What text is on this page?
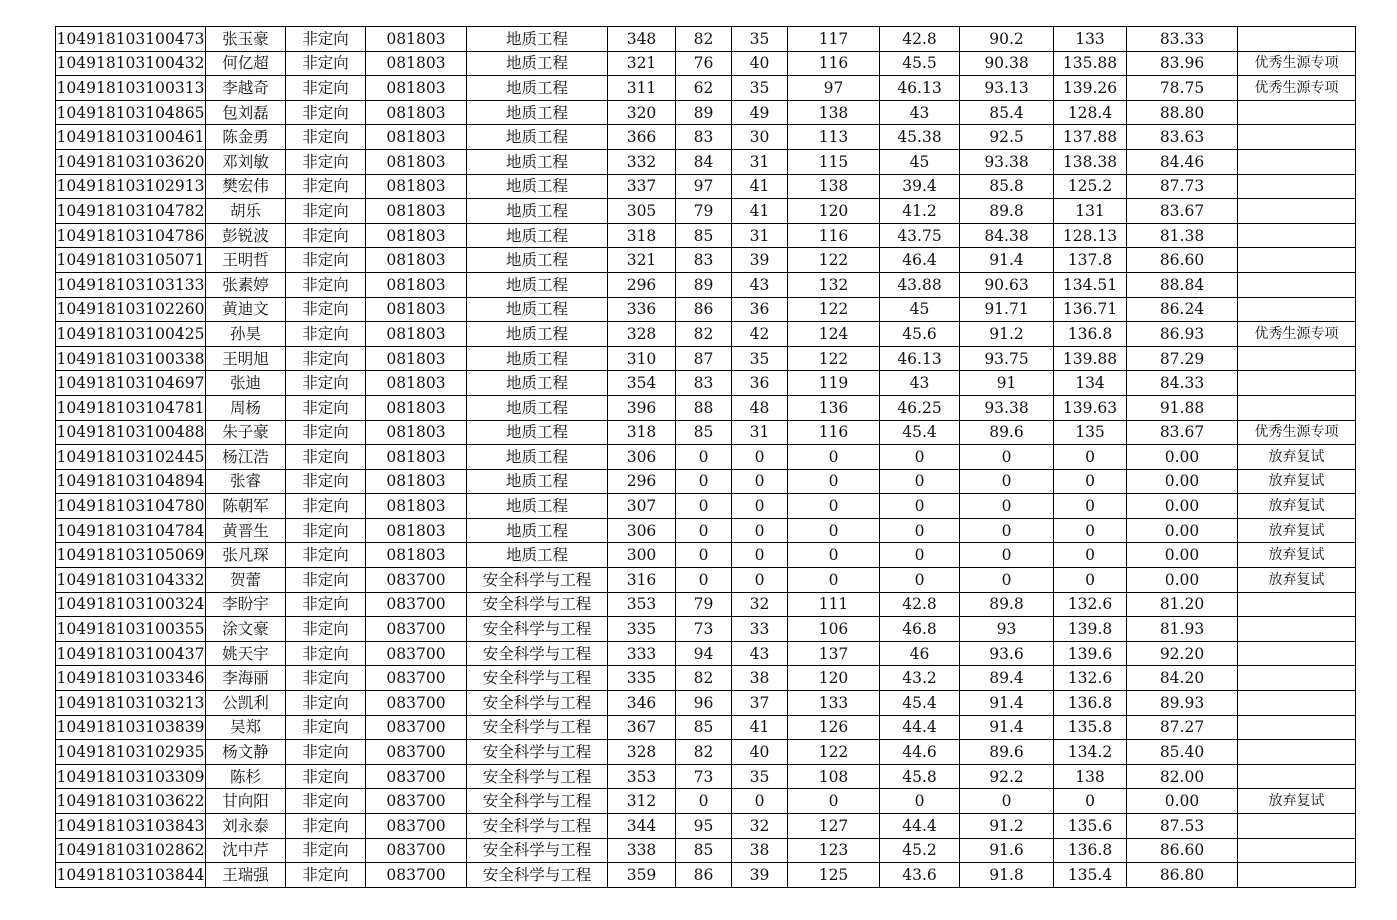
104918103100473	张玉豪	非定向	081803	地质工程	348	82	35	117	42.8	90.2	133	83.33	
104918103100432	何亿超	非定向	081803	地质工程	321	76	40	116	45.5	90.38	135.88	83.96	优秀生源专项
104918103100313	李越奇	非定向	081803	地质工程	311	62	35	97	46.13	93.13	139.26	78.75	优秀生源专项
104918103104865	包刘磊	非定向	081803	地质工程	320	89	49	138	43	85.4	128.4	88.80	
104918103100461	陈金勇	非定向	081803	地质工程	366	83	30	113	45.38	92.5	137.88	83.63	
104918103103620	邓刘敏	非定向	081803	地质工程	332	84	31	115	45	93.38	138.38	84.46	
104918103102913	樊宏伟	非定向	081803	地质工程	337	97	41	138	39.4	85.8	125.2	87.73	
104918103104782	胡乐	非定向	081803	地质工程	305	79	41	120	41.2	89.8	131	83.67	
104918103104786	彭锐波	非定向	081803	地质工程	318	85	31	116	43.75	84.38	128.13	81.38	
104918103105071	王明哲	非定向	081803	地质工程	321	83	39	122	46.4	91.4	137.8	86.60	
104918103103133	张素婷	非定向	081803	地质工程	296	89	43	132	43.88	90.63	134.51	88.84	
104918103102260	黄迪文	非定向	081803	地质工程	336	86	36	122	45	91.71	136.71	86.24	
104918103100425	孙昊	非定向	081803	地质工程	328	82	42	124	45.6	91.2	136.8	86.93	优秀生源专项
104918103100338	王明旭	非定向	081803	地质工程	310	87	35	122	46.13	93.75	139.88	87.29	
104918103104697	张迪	非定向	081803	地质工程	354	83	36	119	43	91	134	84.33	
104918103104781	周杨	非定向	081803	地质工程	396	88	48	136	46.25	93.38	139.63	91.88	
104918103100488	朱子豪	非定向	081803	地质工程	318	85	31	116	45.4	89.6	135	83.67	优秀生源专项
104918103102445	杨江浩	非定向	081803	地质工程	306	0	0	0	0	0	0	0.00	放弃复试
104918103104894	张睿	非定向	081803	地质工程	296	0	0	0	0	0	0	0.00	放弃复试
104918103104780	陈朝军	非定向	081803	地质工程	307	0	0	0	0	0	0	0.00	放弃复试
104918103104784	黄晋生	非定向	081803	地质工程	306	0	0	0	0	0	0	0.00	放弃复试
104918103105069	张凡琛	非定向	081803	地质工程	300	0	0	0	0	0	0	0.00	放弃复试
104918103104332	贺蕾	非定向	083700	安全科学与工程	316	0	0	0	0	0	0	0.00	放弃复试
104918103100324	李盼宇	非定向	083700	安全科学与工程	353	79	32	111	42.8	89.8	132.6	81.20	
104918103100355	涂文豪	非定向	083700	安全科学与工程	335	73	33	106	46.8	93	139.8	81.93	
104918103100437	姚天宇	非定向	083700	安全科学与工程	333	94	43	137	46	93.6	139.6	92.20	
104918103103346	李海丽	非定向	083700	安全科学与工程	335	82	38	120	43.2	89.4	132.6	84.20	
104918103103213	公凯利	非定向	083700	安全科学与工程	346	96	37	133	45.4	91.4	136.8	89.93	
104918103103839	吴郑	非定向	083700	安全科学与工程	367	85	41	126	44.4	91.4	135.8	87.27	
104918103102935	杨文静	非定向	083700	安全科学与工程	328	82	40	122	44.6	89.6	134.2	85.40	
104918103103309	陈杉	非定向	083700	安全科学与工程	353	73	35	108	45.8	92.2	138	82.00	
104918103103622	甘向阳	非定向	083700	安全科学与工程	312	0	0	0	0	0	0	0.00	放弃复试
104918103103843	刘永泰	非定向	083700	安全科学与工程	344	95	32	127	44.4	91.2	135.6	87.53	
104918103102862	沈中芹	非定向	083700	安全科学与工程	338	85	38	123	45.2	91.6	136.8	86.60	
104918103103844	王瑞强	非定向	083700	安全科学与工程	359	86	39	125	43.6	91.8	135.4	86.80	
